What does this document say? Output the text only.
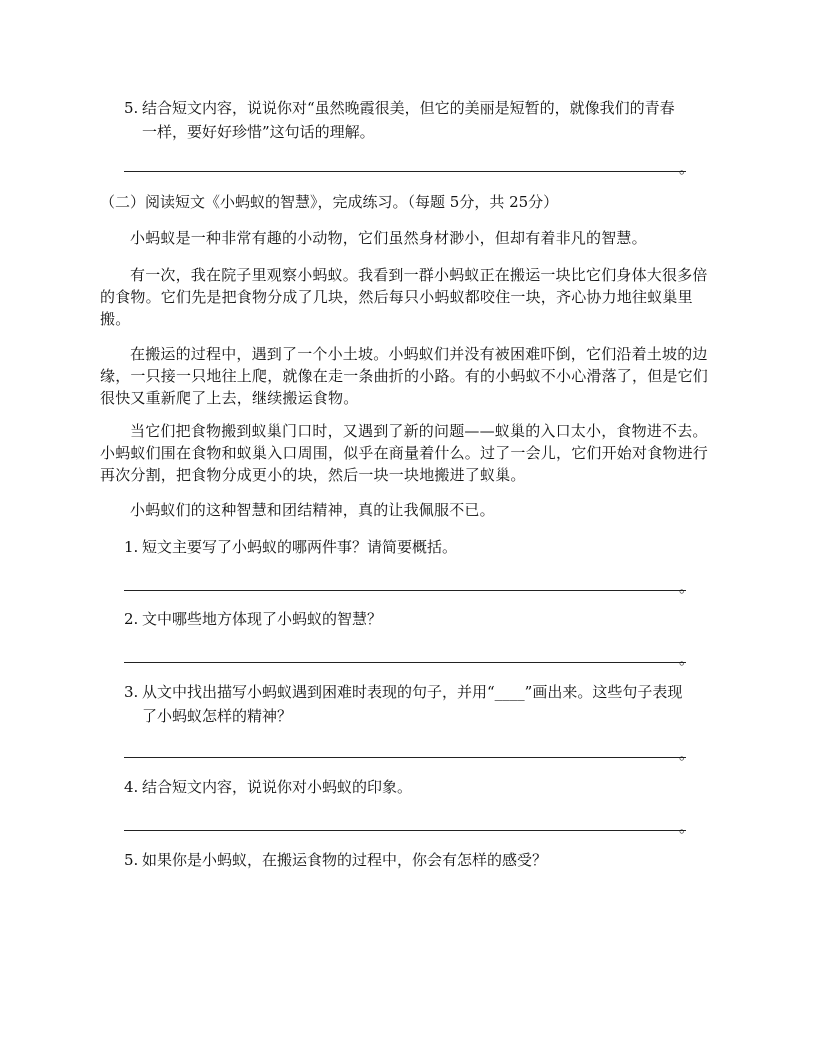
5. 结合短文内容，说说你对“虽然晚霞很美，但它的美丽是短暂的，就像我们的青春
一样，要好好珍惜”这句话的理解。
。
（二）阅读短文《小蚂蚁的智慧》，完成练习。（每题 5分，共 25分）
小蚂蚁是一种非常有趣的小动物，它们虽然身材渺小，但却有着非凡的智慧。
有一次，我在院子里观察小蚂蚁。我看到一群小蚂蚁正在搬运一块比它们身体大很多倍的食物。它们先是把食物分成了几块，然后每只小蚂蚁都咬住一块，齐心协力地往蚁巢里搬。
在搬运的过程中，遇到了一个小土坡。小蚂蚁们并没有被困难吓倒，它们沿着土坡的边缘，一只接一只地往上爬，就像在走一条曲折的小路。有的小蚂蚁不小心滑落了，但是它们很快又重新爬了上去，继续搬运食物。
当它们把食物搬到蚁巢门口时，又遇到了新的问题——蚁巢的入口太小，食物进不去。小蚂蚁们围在食物和蚁巢入口周围，似乎在商量着什么。过了一会儿，它们开始对食物进行再次分割，把食物分成更小的块，然后一块一块地搬进了蚁巢。
小蚂蚁们的这种智慧和团结精神，真的让我佩服不已。
1. 短文主要写了小蚂蚁的哪两件事？请简要概括。
。
2. 文中哪些地方体现了小蚂蚁的智慧？
。
3. 从文中找出描写小蚂蚁遇到困难时表现的句子，并用“____”画出来。这些句子表现
了小蚂蚁怎样的精神？
。
4. 结合短文内容，说说你对小蚂蚁的印象。
。
5. 如果你是小蚂蚁，在搬运食物的过程中，你会有怎样的感受？
